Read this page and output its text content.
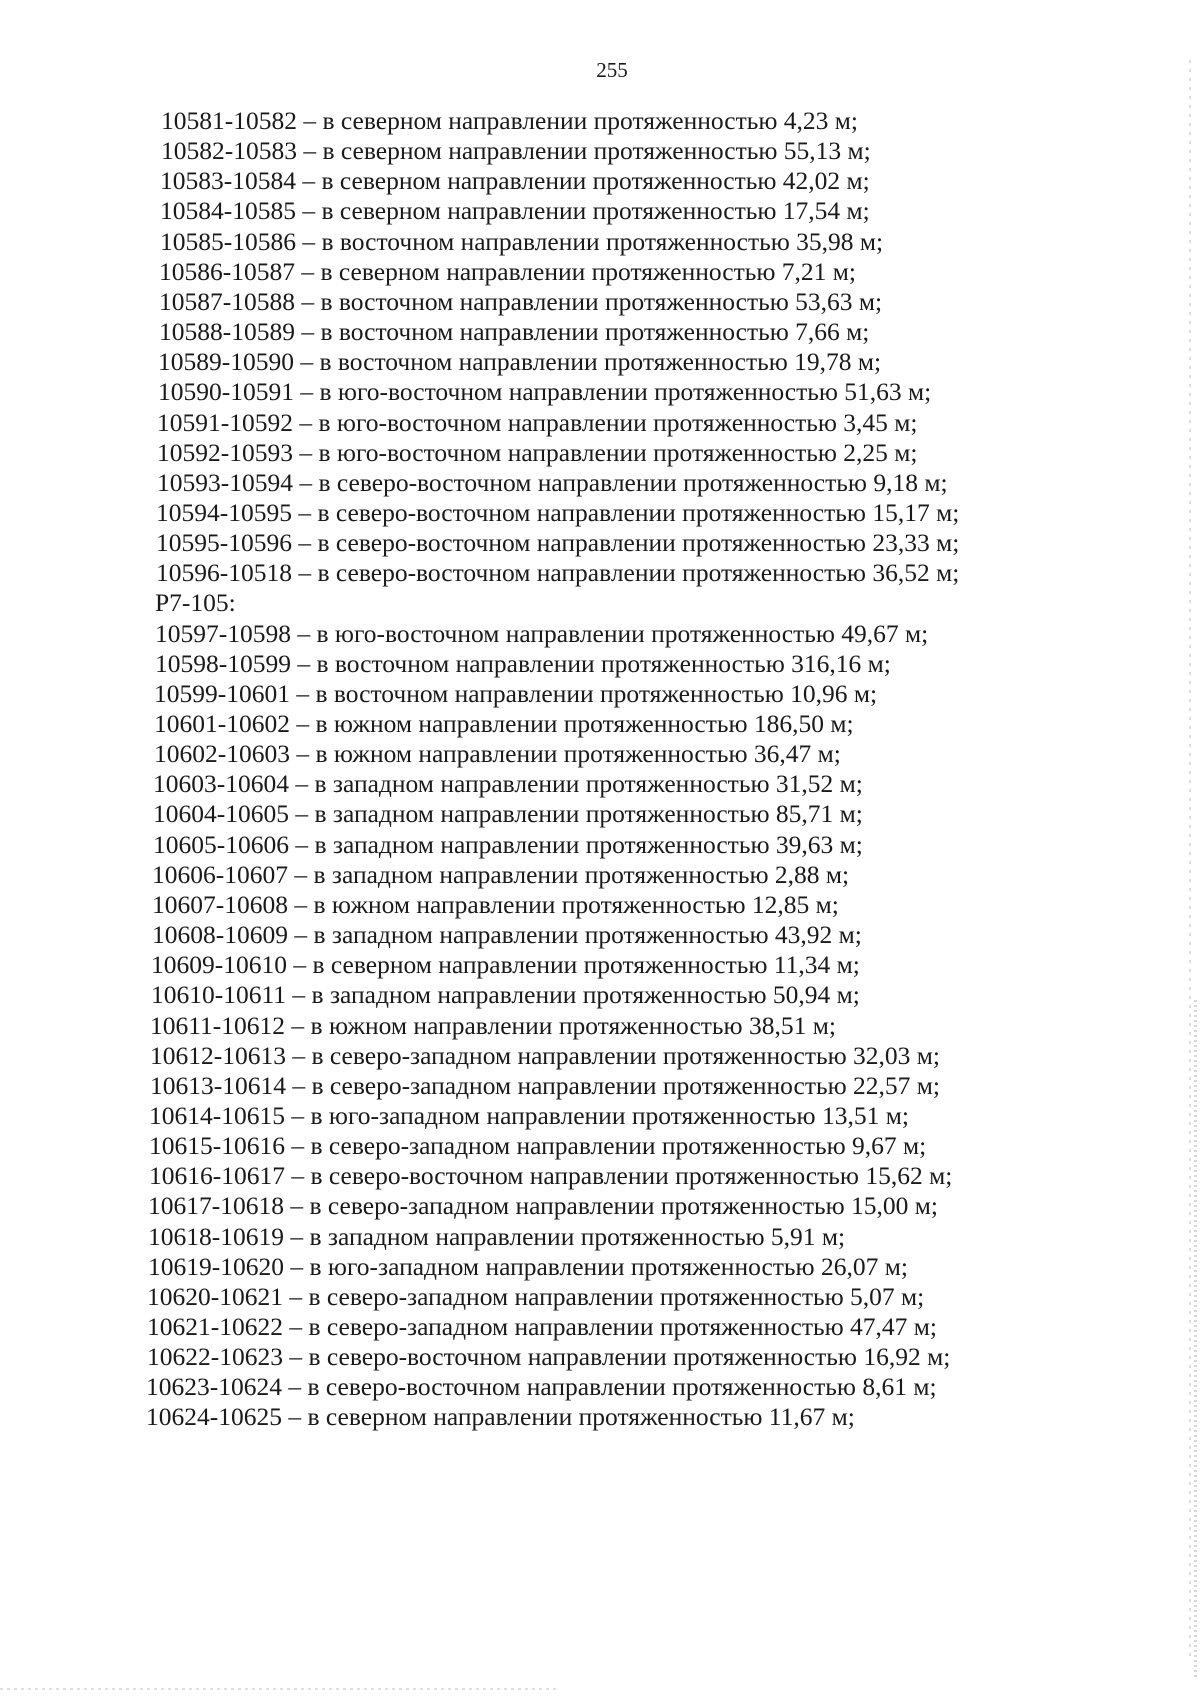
255
10581-10582 – в северном направлении протяженностью 4,23 м;
10582-10583 – в северном направлении протяженностью 55,13 м;
10583-10584 – в северном направлении протяженностью 42,02 м;
10584-10585 – в северном направлении протяженностью 17,54 м;
10585-10586 – в восточном направлении протяженностью 35,98 м;
10586-10587 – в северном направлении протяженностью 7,21 м;
10587-10588 – в восточном направлении протяженностью 53,63 м;
10588-10589 – в восточном направлении протяженностью 7,66 м;
10589-10590 – в восточном направлении протяженностью 19,78 м;
10590-10591 – в юго-восточном направлении протяженностью 51,63 м;
10591-10592 – в юго-восточном направлении протяженностью 3,45 м;
10592-10593 – в юго-восточном направлении протяженностью 2,25 м;
10593-10594 – в северо-восточном направлении протяженностью 9,18 м;
10594-10595 – в северо-восточном направлении протяженностью 15,17 м;
10595-10596 – в северо-восточном направлении протяженностью 23,33 м;
10596-10518 – в северо-восточном направлении протяженностью 36,52 м;
Р7-105:
10597-10598 – в юго-восточном направлении протяженностью 49,67 м;
10598-10599 – в восточном направлении протяженностью 316,16 м;
10599-10601 – в восточном направлении протяженностью 10,96 м;
10601-10602 – в южном направлении протяженностью 186,50 м;
10602-10603 – в южном направлении протяженностью 36,47 м;
10603-10604 – в западном направлении протяженностью 31,52 м;
10604-10605 – в западном направлении протяженностью 85,71 м;
10605-10606 – в западном направлении протяженностью 39,63 м;
10606-10607 – в западном направлении протяженностью 2,88 м;
10607-10608 – в южном направлении протяженностью 12,85 м;
10608-10609 – в западном направлении протяженностью 43,92 м;
10609-10610 – в северном направлении протяженностью 11,34 м;
10610-10611 – в западном направлении протяженностью 50,94 м;
10611-10612 – в южном направлении протяженностью 38,51 м;
10612-10613 – в северо-западном направлении протяженностью 32,03 м;
10613-10614 – в северо-западном направлении протяженностью 22,57 м;
10614-10615 – в юго-западном направлении протяженностью 13,51 м;
10615-10616 – в северо-западном направлении протяженностью 9,67 м;
10616-10617 – в северо-восточном направлении протяженностью 15,62 м;
10617-10618 – в северо-западном направлении протяженностью 15,00 м;
10618-10619 – в западном направлении протяженностью 5,91 м;
10619-10620 – в юго-западном направлении протяженностью 26,07 м;
10620-10621 – в северо-западном направлении протяженностью 5,07 м;
10621-10622 – в северо-западном направлении протяженностью 47,47 м;
10622-10623 – в северо-восточном направлении протяженностью 16,92 м;
10623-10624 – в северо-восточном направлении протяженностью 8,61 м;
10624-10625 – в северном направлении протяженностью 11,67 м;
